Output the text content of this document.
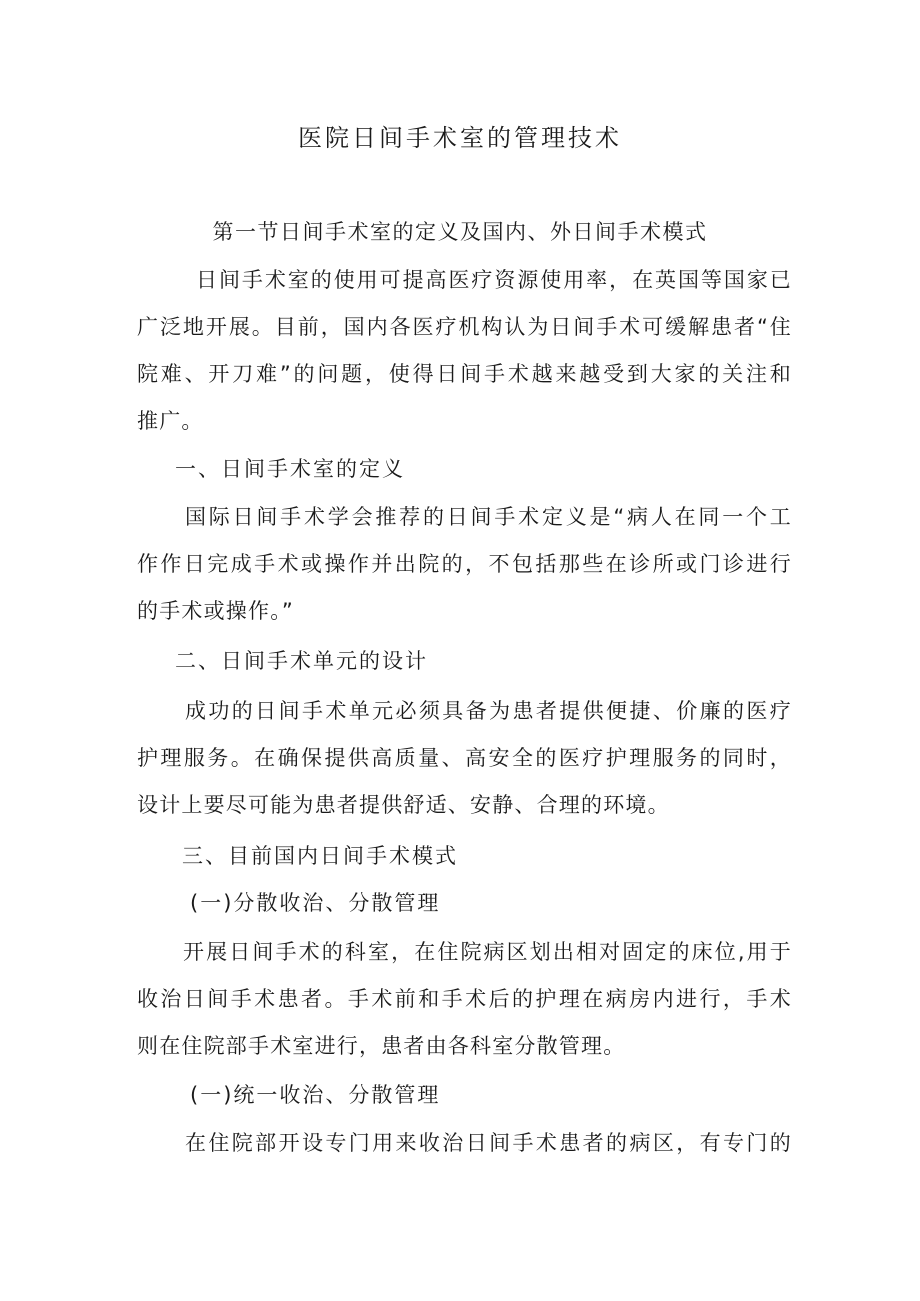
医院日间手术室的管理技术
第一节日间手术室的定义及国内、外日间手术模式
日间手术室的使用可提高医疗资源使用率，在英国等国家已
广泛地开展。目前，国内各医疗机构认为日间手术可缓解患者“住
院难、开刀难”的问题，使得日间手术越来越受到大家的关注和
推广。
一、日间手术室的定义
国际日间手术学会推荐的日间手术定义是“病人在同一个工
作作日完成手术或操作并出院的，不包括那些在诊所或门诊进行
的手术或操作。”
二、日间手术单元的设计
成功的日间手术单元必须具备为患者提供便捷、价廉的医疗
护理服务。在确保提供高质量、高安全的医疗护理服务的同时，
设计上要尽可能为患者提供舒适、安静、合理的环境。
三、目前国内日间手术模式
(一)分散收治、分散管理
开展日间手术的科室，在住院病区划出相对固定的床位,用于
收治日间手术患者。手术前和手术后的护理在病房内进行，手术
则在住院部手术室进行，患者由各科室分散管理。
(一)统一收治、分散管理
在住院部开设专门用来收治日间手术患者的病区，有专门的
